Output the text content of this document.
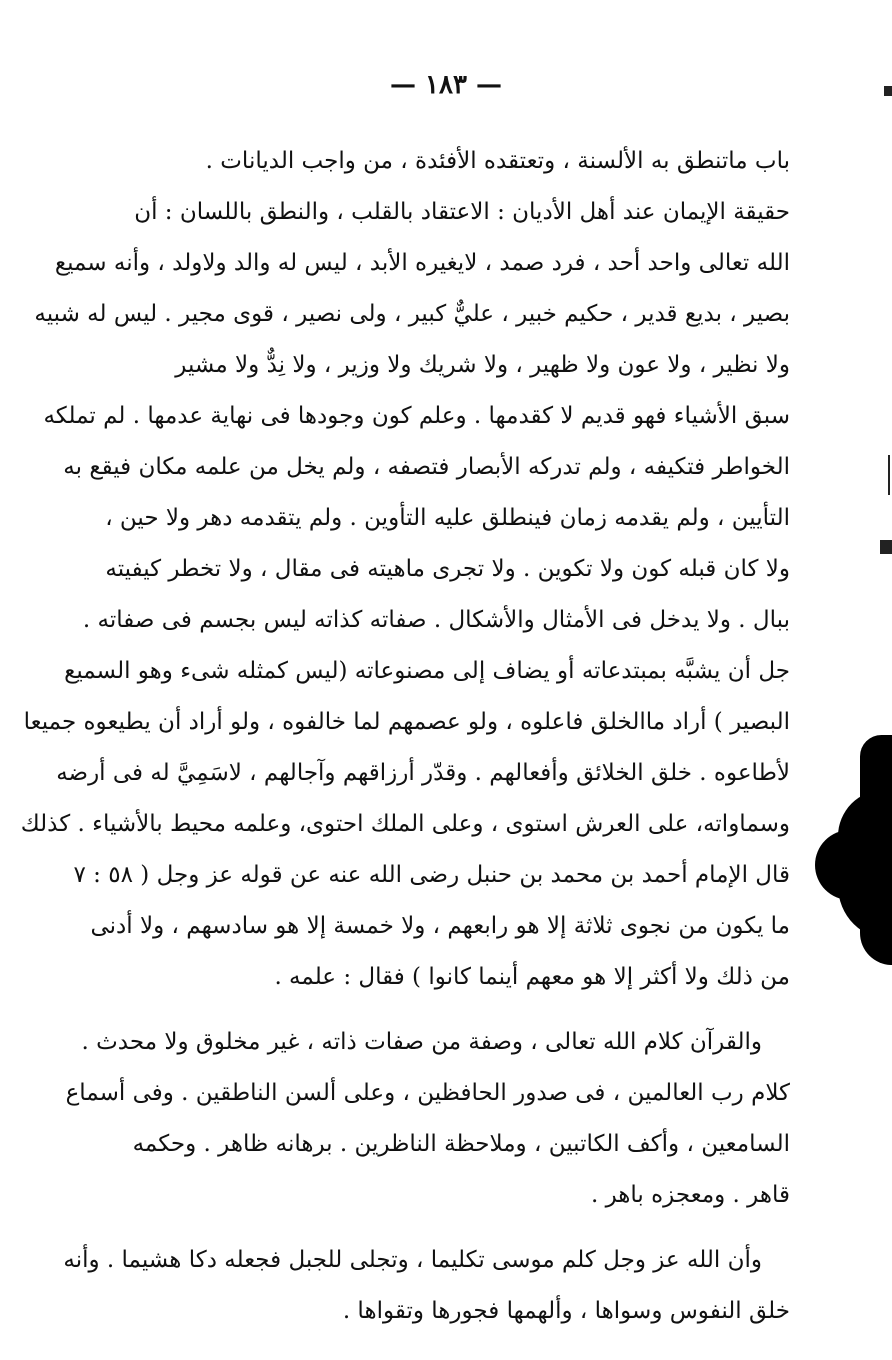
— ١٨٣ —
باب ماتنطق به الألسنة ، وتعتقده الأفئدة ، من واجب الديانات .
حقيقة الإيمان عند أهل الأديان : الاعتقاد بالقلب ، والنطق باللسان : أن
الله تعالى واحد أحد ، فرد صمد ، لايغيره الأبد ، ليس له والد ولاولد ، وأنه سميع
بصير ، بديع قدير ، حكيم خبير ، عليٌّ كبير ، ولى نصير ، قوى مجير . ليس له شبيه
ولا نظير ، ولا عون ولا ظهير ، ولا شريك ولا وزير ، ولا نِدٌّ ولا مشير
سبق الأشياء فهو قديم لا كقدمها . وعلم كون وجودها فى نهاية عدمها . لم تملكه
الخواطر فتكيفه ، ولم تدركه الأبصار فتصفه ، ولم يخل من علمه مكان فيقع به
التأيين ، ولم يقدمه زمان فينطلق عليه التأوين . ولم يتقدمه دهر ولا حين ،
ولا كان قبله كون ولا تكوين . ولا تجرى ماهيته فى مقال ، ولا تخطر كيفيته
ببال . ولا يدخل فى الأمثال والأشكال . صفاته كذاته ليس بجسم فى صفاته .
جل أن يشبَّه بمبتدعاته أو يضاف إلى مصنوعاته (ليس كمثله شىء وهو السميع
البصير ) أراد ماالخلق فاعلوه ، ولو عصمهم لما خالفوه ، ولو أراد أن يطيعوه جميعا
لأطاعوه . خلق الخلائق وأفعالهم . وقدّر أرزاقهم وآجالهم ، لاسَمِيَّ له فى أرضه
وسماواته، على العرش استوى ، وعلى الملك احتوى، وعلمه محيط بالأشياء . كذلك
قال الإمام أحمد بن محمد بن حنبل رضى الله عنه عن قوله عز وجل ( ٥٨ : ٧
ما يكون من نجوى ثلاثة إلا هو رابعهم ، ولا خمسة إلا هو سادسهم ، ولا أدنى
من ذلك ولا أكثر إلا هو معهم أينما كانوا ) فقال : علمه .
والقرآن كلام الله تعالى ، وصفة من صفات ذاته ، غير مخلوق ولا محدث .
كلام رب العالمين ، فى صدور الحافظين ، وعلى ألسن الناطقين . وفى أسماع
السامعين ، وأكف الكاتبين ، وملاحظة الناظرين . برهانه ظاهر . وحكمه
قاهر . ومعجزه باهر .
وأن الله عز وجل كلم موسى تكليما ، وتجلى للجبل فجعله دكا هشيما . وأنه
خلق النفوس وسواها ، وألهمها فجورها وتقواها .
